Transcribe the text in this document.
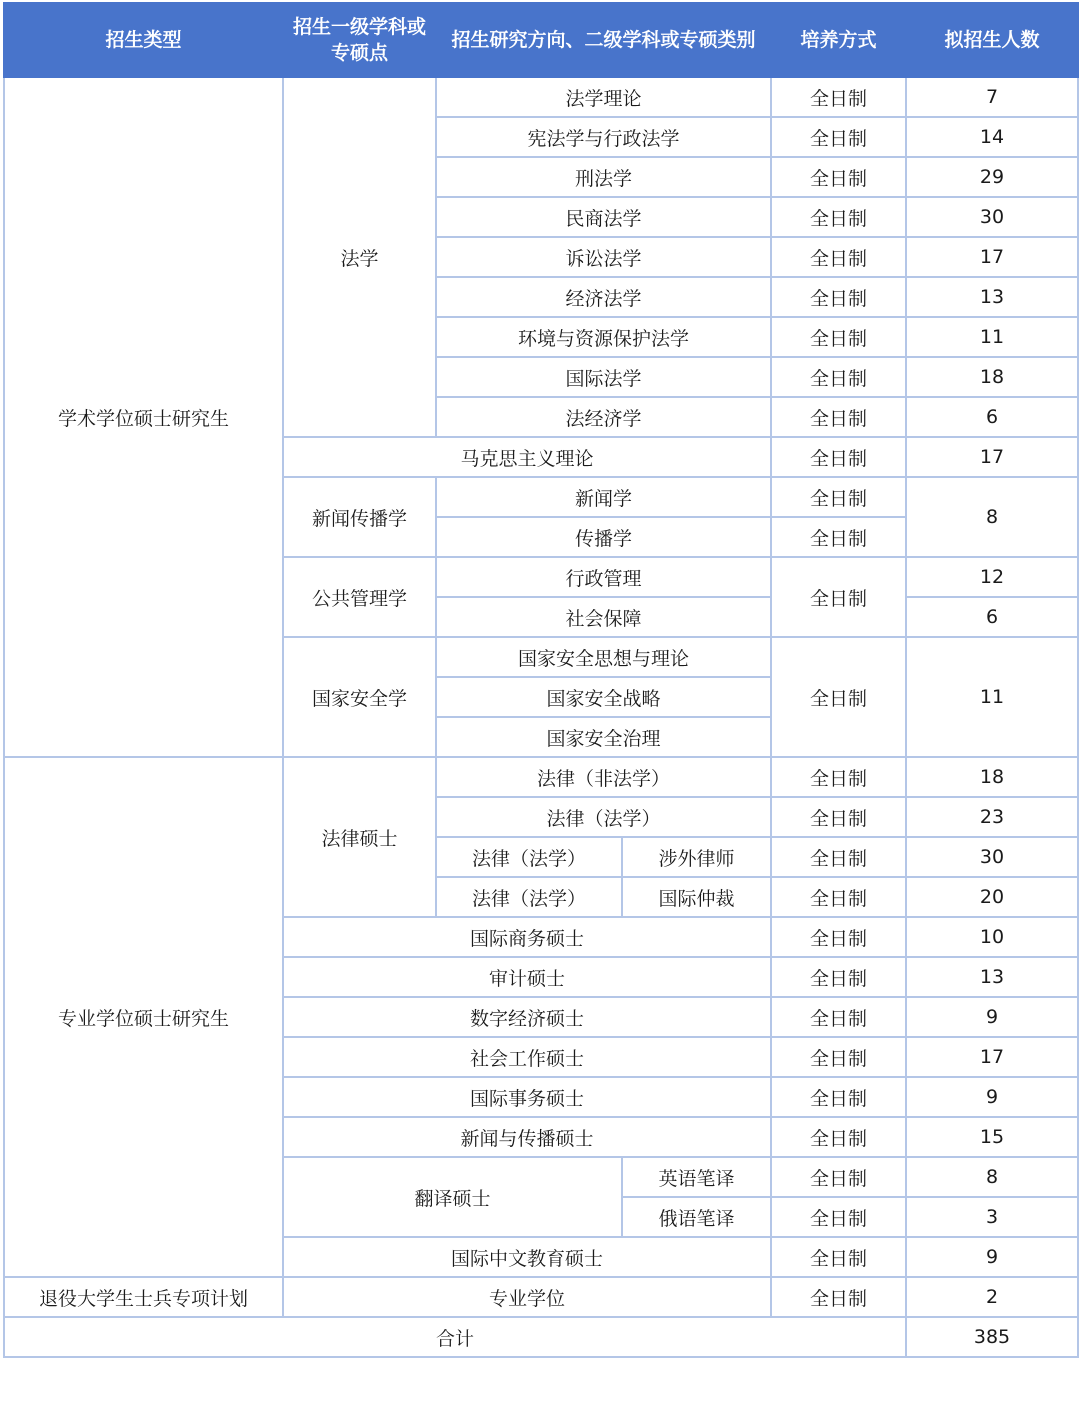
招生类型	招生一级学科或
专硕点	招生研究方向、二级学科或专硕类别		培养方式	拟招生人数
学术学位硕士研究生	法学	法学理论		全日制	7
		宪法学与行政法学		全日制	14
		刑法学		全日制	29
		民商法学		全日制	30
		诉讼法学		全日制	17
		经济法学		全日制	13
		环境与资源保护法学		全日制	11
		国际法学		全日制	18
		法经济学		全日制	6
	马克思主义理论			全日制	17
	新闻传播学	新闻学		全日制	8
		传播学		全日制	
	公共管理学	行政管理		全日制	12
		社会保障			6
	国家安全学	国家安全思想与理论		全日制	11
		国家安全战略			
		国家安全治理			
专业学位硕士研究生	法律硕士	法律（非法学）		全日制	18
		法律（法学）		全日制	23
		法律（法学）	涉外律师	全日制	30
		法律（法学）	国际仲裁	全日制	20
	国际商务硕士			全日制	10
	审计硕士			全日制	13
	数字经济硕士			全日制	9
	社会工作硕士			全日制	17
	国际事务硕士			全日制	9
	新闻与传播硕士			全日制	15
	翻译硕士		英语笔译	全日制	8
			俄语笔译	全日制	3
	国际中文教育硕士			全日制	9
退役大学生士兵专项计划	专业学位			全日制	2
合计					385
